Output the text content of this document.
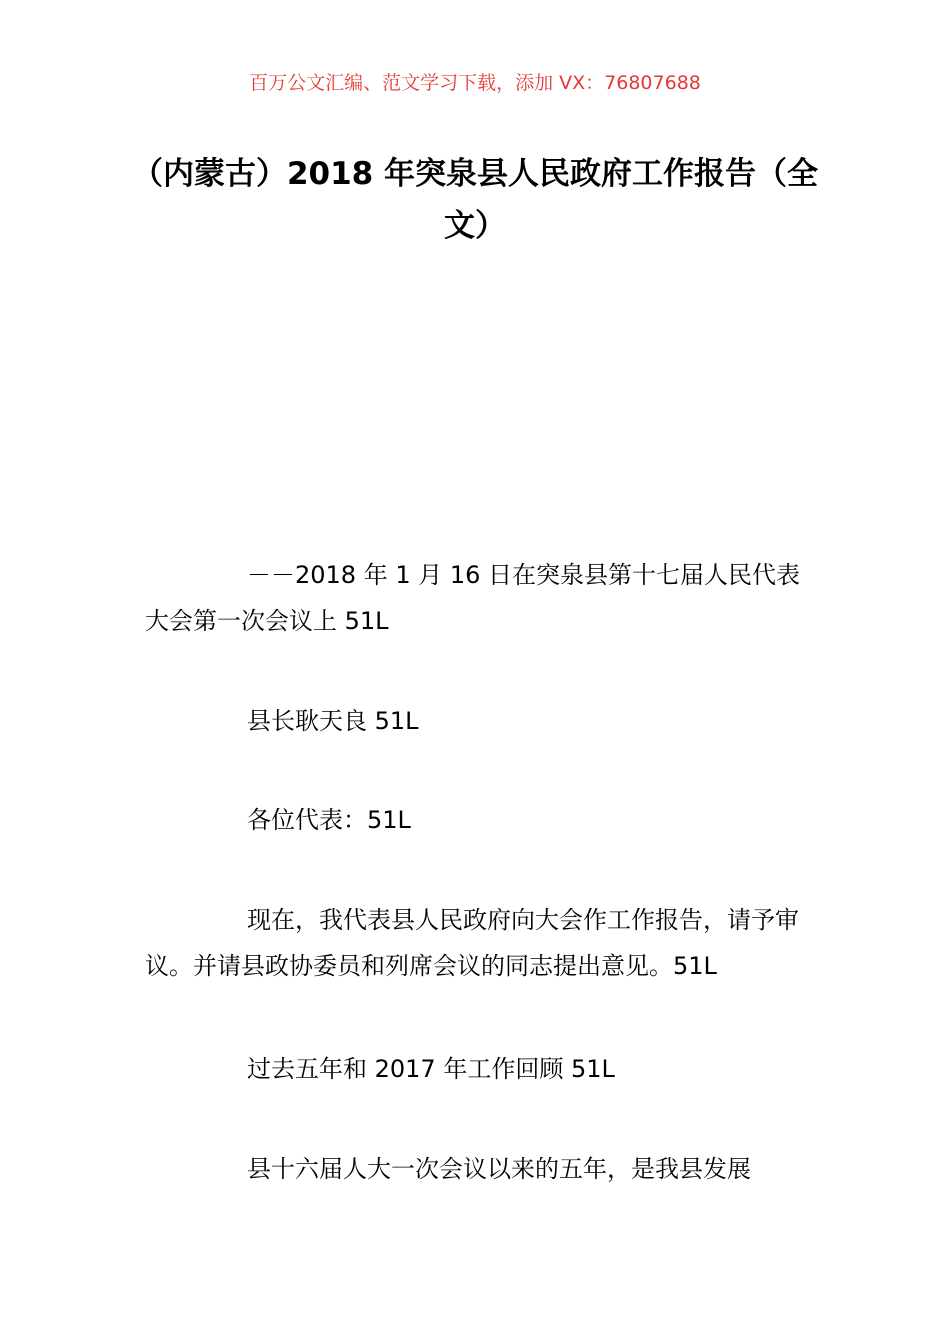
百万公文汇编、范文学习下载，添加 VX：76807688
（内蒙古）2018 年突泉县人民政府工作报告（全文）
－－2018 年 1 月 16 日在突泉县第十七届人民代表大会第一次会议上 51L
县长耿天良 51L
各位代表：51L
现在，我代表县人民政府向大会作工作报告，请予审议。并请县政协委员和列席会议的同志提出意见。51L
过去五年和 2017 年工作回顾 51L
县十六届人大一次会议以来的五年，是我县发展
